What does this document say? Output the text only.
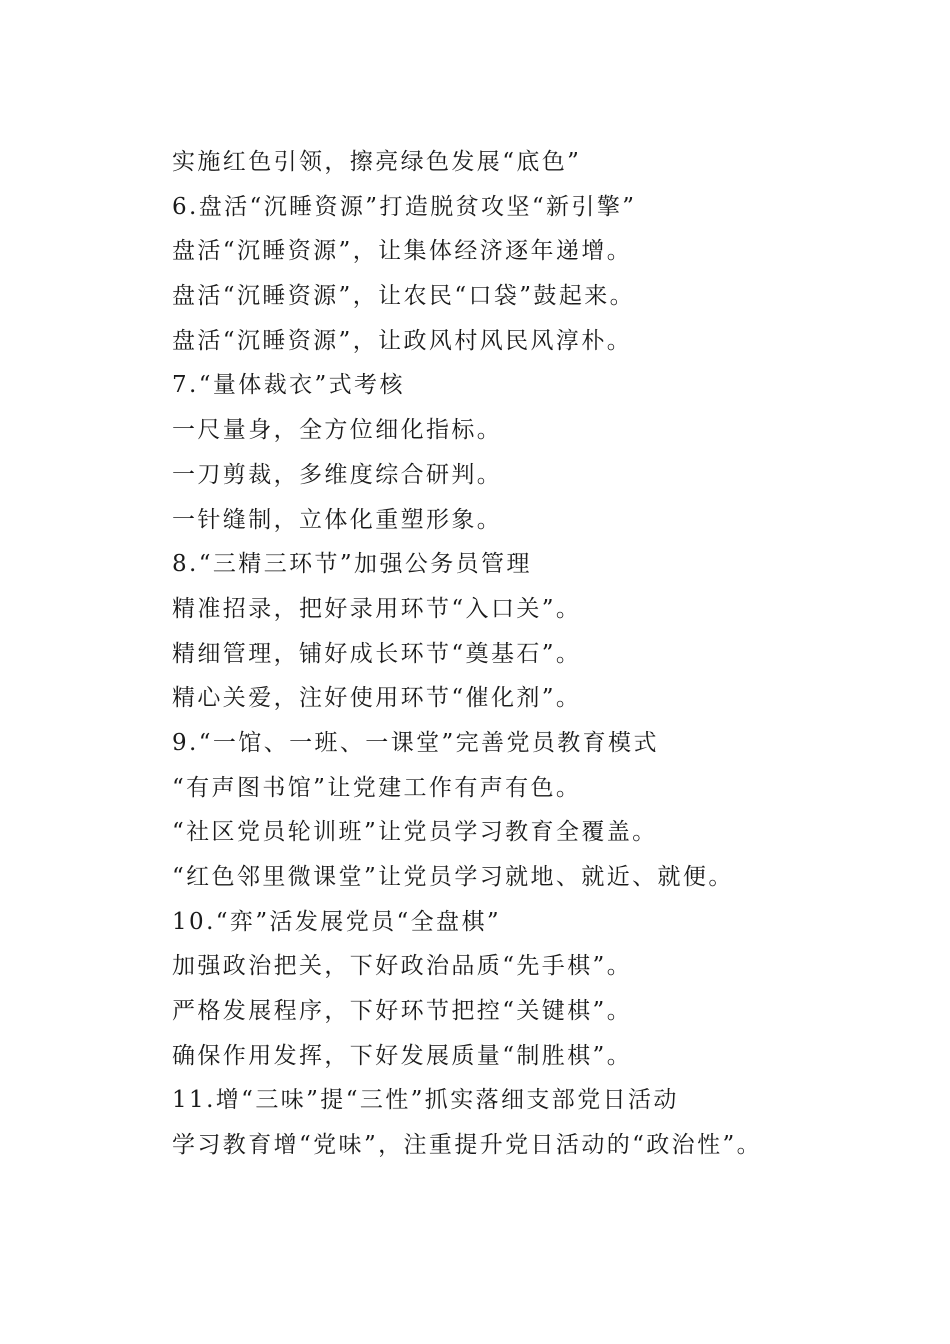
实施红色引领，擦亮绿色发展“底色”
6.盘活“沉睡资源”打造脱贫攻坚“新引擎”
盘活“沉睡资源”，让集体经济逐年递增。
盘活“沉睡资源”，让农民“口袋”鼓起来。
盘活“沉睡资源”，让政风村风民风淳朴。
7.“量体裁衣”式考核
一尺量身，全方位细化指标。
一刀剪裁，多维度综合研判。
一针缝制，立体化重塑形象。
8.“三精三环节”加强公务员管理
精准招录，把好录用环节“入口关”。
精细管理，铺好成长环节“奠基石”。
精心关爱，注好使用环节“催化剂”。
9.“一馆、一班、一课堂”完善党员教育模式
“有声图书馆”让党建工作有声有色。
“社区党员轮训班”让党员学习教育全覆盖。
“红色邻里微课堂”让党员学习就地、就近、就便。
10.“弈”活发展党员“全盘棋”
加强政治把关，下好政治品质“先手棋”。
严格发展程序，下好环节把控“关键棋”。
确保作用发挥，下好发展质量“制胜棋”。
11.增“三味”提“三性”抓实落细支部党日活动
学习教育增“党味”，注重提升党日活动的“政治性”。
